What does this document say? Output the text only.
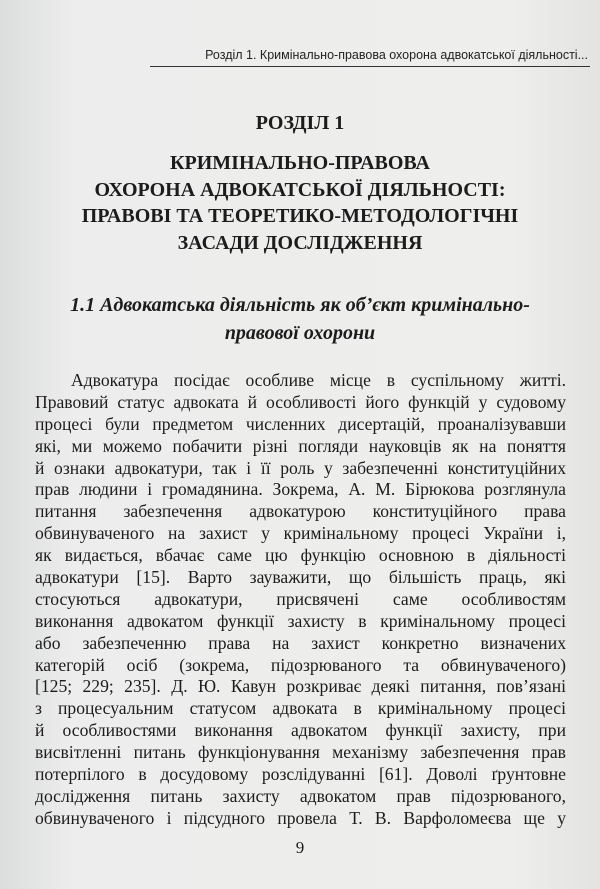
Розділ 1. Кримінально-правова охорона адвокатської діяльності...
РОЗДІЛ 1
КРИМІНАЛЬНО-ПРАВОВА
ОХОРОНА АДВОКАТСЬКОЇ ДІЯЛЬНОСТІ:
ПРАВОВІ ТА ТЕОРЕТИКО-МЕТОДОЛОГІЧНІ
ЗАСАДИ ДОСЛІДЖЕННЯ
1.1 Адвокатська діяльність як об’єкт кримінально-
правової охорони
Адвокатура посідає особливе місце в суспільному житті.
Правовий статус адвоката й особливості його функцій у судовому
процесі були предметом численних дисертацій, проаналізувавши
які, ми можемо побачити різні погляди науковців як на поняття
й ознаки адвокатури, так і її роль у забезпеченні конституційних
прав людини і громадянина. Зокрема, А. М. Бірюкова розглянула
питання забезпечення адвокатурою конституційного права
обвинуваченого на захист у кримінальному процесі України і,
як видається, вбачає саме цю функцію основною в діяльності
адвокатури [15]. Варто зауважити, що більшість праць, які
стосуються адвокатури, присвячені саме особливостям
виконання адвокатом функції захисту в кримінальному процесі
або забезпеченню права на захист конкретно визначених
категорій осіб (зокрема, підозрюваного та обвинуваченого)
[125; 229; 235]. Д. Ю. Кавун розкриває деякі питання, пов’язані
з процесуальним статусом адвоката в кримінальному процесі
й особливостями виконання адвокатом функції захисту, при
висвітленні питань функціонування механізму забезпечення прав
потерпілого в досудовому розслідуванні [61]. Доволі ґрунтовне
дослідження питань захисту адвокатом прав підозрюваного,
обвинуваченого і підсудного провела Т. В. Варфоломеєва ще у
9
